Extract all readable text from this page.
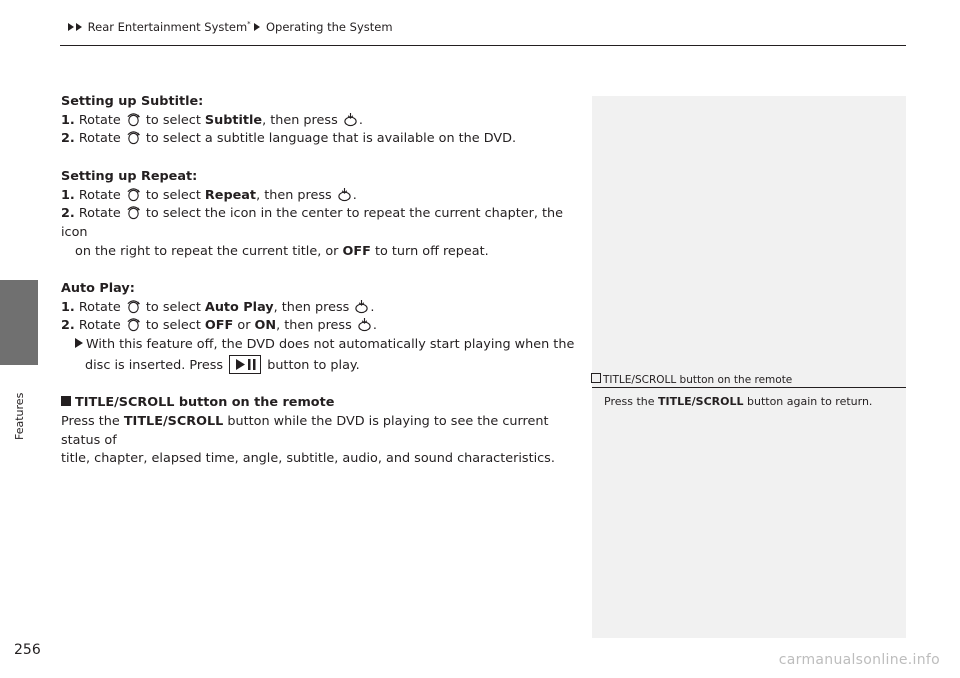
Rear Entertainment System* Operating the System
Features

Setting up Subtitle:

1. Rotate to select Subtitle, then press .

2. Rotate to select a subtitle language that is available on the DVD.

Setting up Repeat:

1. Rotate to select Repeat, then press .

2. Rotate to select the icon in the center to repeat the current chapter, the icon

on the right to repeat the current title, or OFF to turn off repeat.

Auto Play:

1. Rotate to select Auto Play, then press .

2. Rotate to select OFF or ON, then press .

With this feature off, the DVD does not automatically start playing when the

disc is inserted. Press	button to play.

TITLE/SCROLL button on the remote

Press the TITLE/SCROLL button while the DVD is playing to see the current status of

title, chapter, elapsed time, angle, subtitle, audio, and sound characteristics.

TITLE/SCROLL button on the remote
Press the TITLE/SCROLL button again to return.
256
carmanualsonline.info
